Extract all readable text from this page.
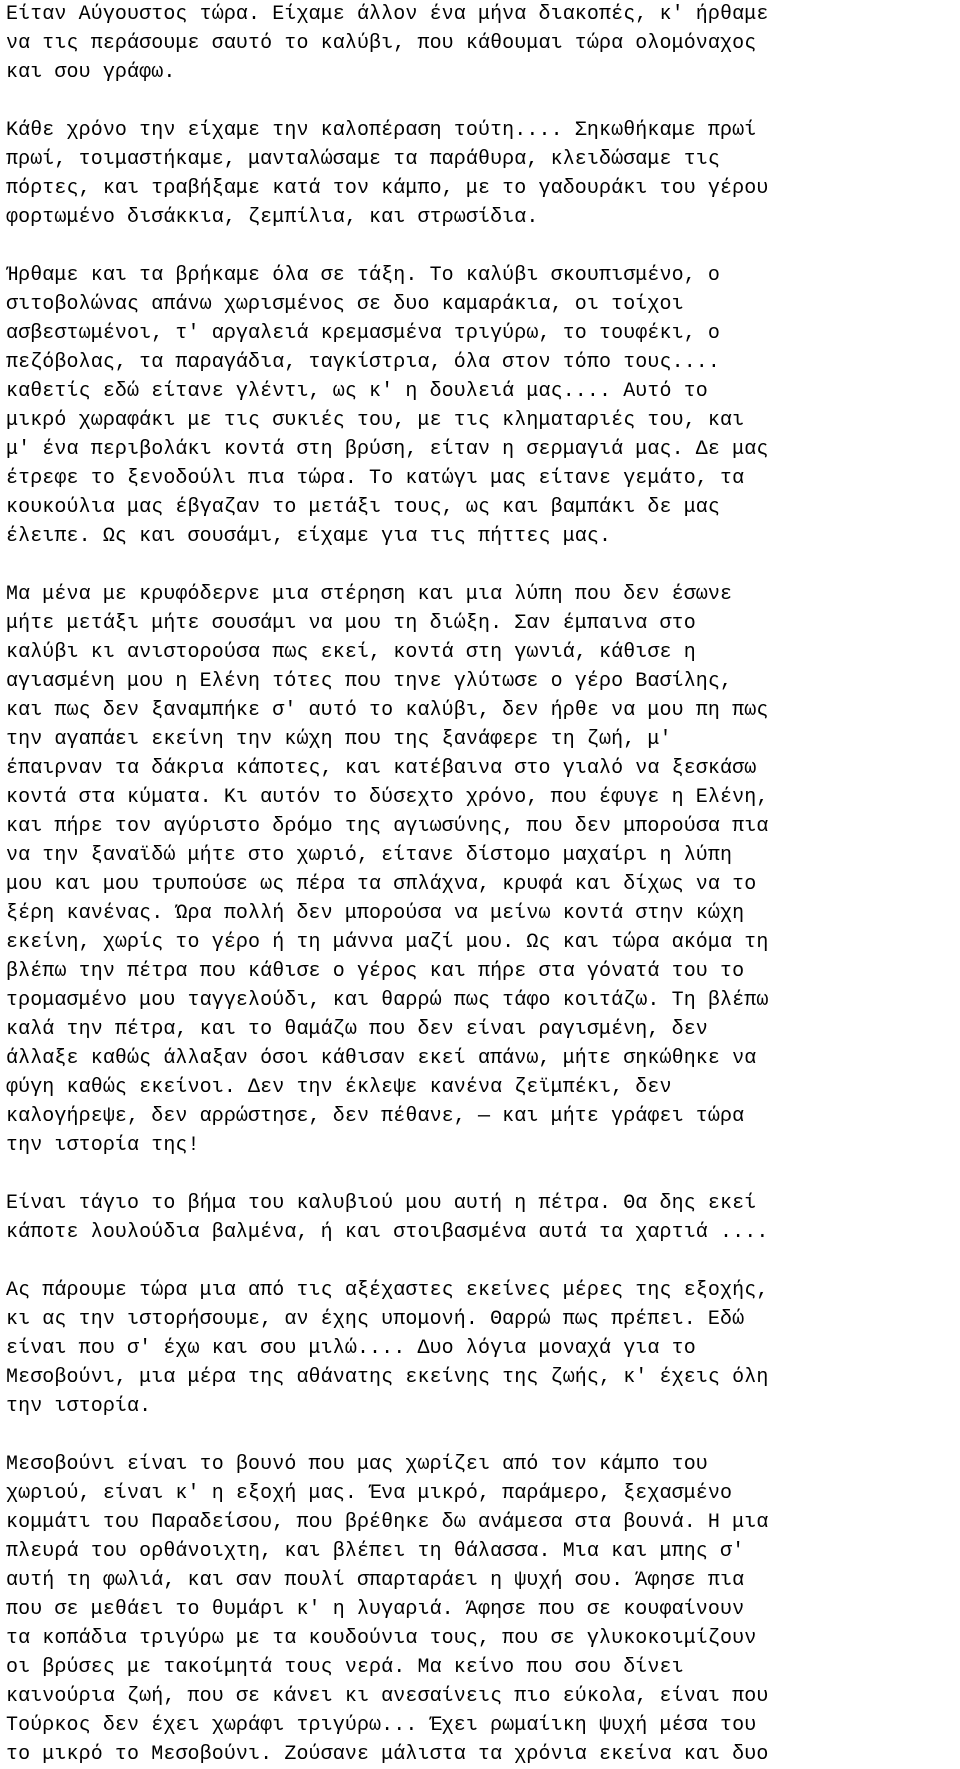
Είταν Αύγουστος τώρα. Είχαμε άλλον ένα μήνα διακοπές, κ' ήρθαμε
να τις περάσουμε σαυτό το καλύβι, που κάθουμαι τώρα ολομόναχος
και σου γράφω.
Κάθε χρόνο την είχαμε την καλοπέραση τούτη.... Σηκωθήκαμε πρωί
πρωί, τοιμαστήκαμε, μανταλώσαμε τα παράθυρα, κλειδώσαμε τις
πόρτες, και τραβήξαμε κατά τον κάμπο, με το γαδουράκι του γέρου
φορτωμένο δισάκκια, ζεμπίλια, και στρωσίδια.
Ήρθαμε και τα βρήκαμε όλα σε τάξη. Το καλύβι σκουπισμένο, ο
σιτοβολώνας απάνω χωρισμένος σε δυο καμαράκια, οι τοίχοι
ασβεστωμένοι, τ' αργαλειά κρεμασμένα τριγύρω, το τουφέκι, ο
πεζόβολας, τα παραγάδια, ταγκίστρια, όλα στον τόπο τους....
καθετίς εδώ είτανε γλέντι, ως κ' η δουλειά μας.... Αυτό το
μικρό χωραφάκι με τις συκιές του, με τις κληματαριές του, και
μ' ένα περιβολάκι κοντά στη βρύση, είταν η σερμαγιά μας. Δε μας
έτρεφε το ξενοδούλι πια τώρα. Το κατώγι μας είτανε γεμάτο, τα
κουκούλια μας έβγαζαν το μετάξι τους, ως και βαμπάκι δε μας
έλειπε. Ως και σουσάμι, είχαμε για τις πήττες μας.
Μα μένα με κρυφόδερνε μια στέρηση και μια λύπη που δεν έσωνε
μήτε μετάξι μήτε σουσάμι να μου τη διώξη. Σαν έμπαινα στο
καλύβι κι ανιστορούσα πως εκεί, κοντά στη γωνιά, κάθισε η
αγιασμένη μου η Ελένη τότες που τηνε γλύτωσε ο γέρο Βασίλης,
και πως δεν ξαναμπήκε σ' αυτό το καλύβι, δεν ήρθε να μου πη πως
την αγαπάει εκείνη την κώχη που της ξανάφερε τη ζωή, μ'
έπαιρναν τα δάκρια κάποτες, και κατέβαινα στο γιαλό να ξεσκάσω
κοντά στα κύματα. Κι αυτόν το δύσεχτο χρόνο, που έφυγε η Ελένη,
και πήρε τον αγύριστο δρόμο της αγιωσύνης, που δεν μπορούσα πια
να την ξαναϊδώ μήτε στο χωριό, είτανε δίστομο μαχαίρι η λύπη
μου και μου τρυπούσε ως πέρα τα σπλάχνα, κρυφά και δίχως να το
ξέρη κανένας. Ώρα πολλή δεν μπορούσα να μείνω κοντά στην κώχη
εκείνη, χωρίς το γέρο ή τη μάννα μαζί μου. Ως και τώρα ακόμα τη
βλέπω την πέτρα που κάθισε ο γέρος και πήρε στα γόνατά του το
τρομασμένο μου ταγγελούδι, και θαρρώ πως τάφο κοιτάζω. Τη βλέπω
καλά την πέτρα, και το θαμάζω που δεν είναι ραγισμένη, δεν
άλλαξε καθώς άλλαξαν όσοι κάθισαν εκεί απάνω, μήτε σηκώθηκε να
φύγη καθώς εκείνοι. Δεν την έκλεψε κανένα ζεϊμπέκι, δεν
καλογήρεψε, δεν αρρώστησε, δεν πέθανε, — και μήτε γράφει τώρα
την ιστορία της!
Είναι τάγιο το βήμα του καλυβιού μου αυτή η πέτρα. Θα δης εκεί
κάποτε λουλούδια βαλμένα, ή και στοιβασμένα αυτά τα χαρτιά ....
Ας πάρουμε τώρα μια από τις αξέχαστες εκείνες μέρες της εξοχής,
κι ας την ιστορήσουμε, αν έχης υπομονή. Θαρρώ πως πρέπει. Εδώ
είναι που σ' έχω και σου μιλώ.... Δυο λόγια μοναχά για το
Μεσοβούνι, μια μέρα της αθάνατης εκείνης της ζωής, κ' έχεις όλη
την ιστορία.
Μεσοβούνι είναι το βουνό που μας χωρίζει από τον κάμπο του
χωριού, είναι κ' η εξοχή μας. Ένα μικρό, παράμερο, ξεχασμένο
κομμάτι του Παραδείσου, που βρέθηκε δω ανάμεσα στα βουνά. Η μια
πλευρά του ορθάνοιχτη, και βλέπει τη θάλασσα. Μια και μπης σ'
αυτή τη φωλιά, και σαν πουλί σπαρταράει η ψυχή σου. Άφησε πια
που σε μεθάει το θυμάρι κ' η λυγαριά. Άφησε που σε κουφαίνουν
τα κοπάδια τριγύρω με τα κουδούνια τους, που σε γλυκοκοιμίζουν
οι βρύσες με τακοίμητά τους νερά. Μα κείνο που σου δίνει
καινούρια ζωή, που σε κάνει κι ανεσαίνεις πιο εύκολα, είναι που
Τούρκος δεν έχει χωράφι τριγύρω... Έχει ρωμαίικη ψυχή μέσα του
το μικρό το Μεσοβούνι. Ζούσανε μάλιστα τα χρόνια εκείνα και δυο
